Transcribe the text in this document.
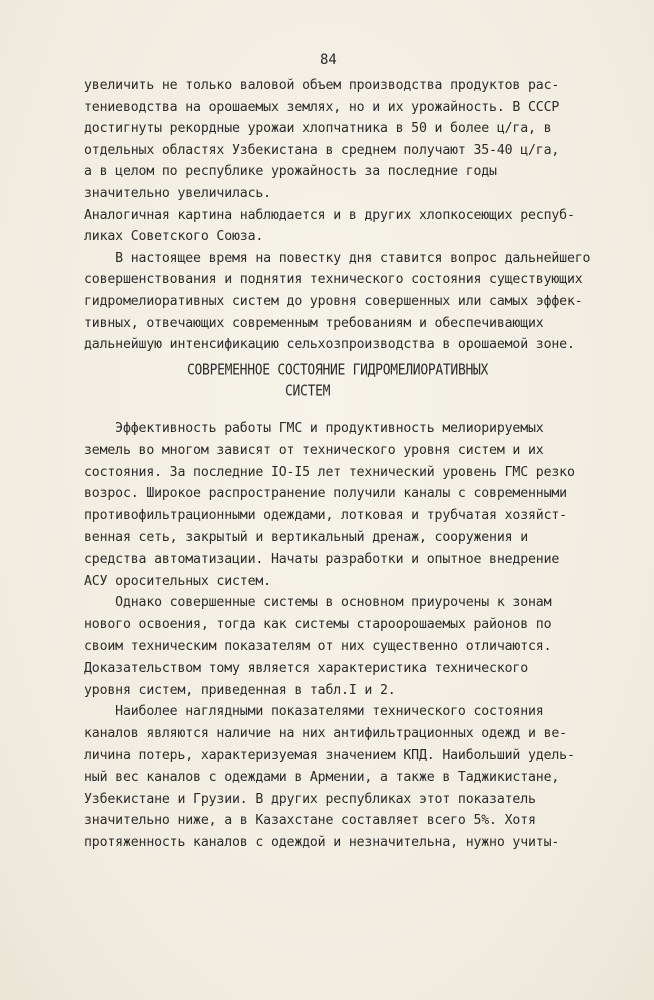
84
увеличить не только валовой объем производства продуктов рас-
тениеводства на орошаемых землях, но и их урожайность. В СССР
достигнуты рекордные урожаи хлопчатника в 50 и более ц/га, в
отдельных областях Узбекистана в среднем получают 35-40 ц/га,
а в целом по республике урожайность за последние годы
значительно увеличилась.
Аналогичная картина наблюдается и в других хлопкосеющих респуб-
ликах Советского Союза.
В настоящее время на повестку дня ставится вопрос дальнейшего
совершенствования и поднятия технического состояния существующих
гидромелиоративных систем до уровня совершенных или самых эффек-
тивных, отвечающих современным требованиям и обеспечивающих
дальнейшую интенсификацию сельхозпроизводства в орошаемой зоне.
СОВРЕМЕННОЕ СОСТОЯНИЕ ГИДРОМЕЛИОРАТИВНЫХ
СИСТЕМ
Эффективность работы ГМС и продуктивность мелиорируемых
земель во многом зависят от технического уровня систем и их
состояния. За последние IO-I5 лет технический уровень ГМС резко
возрос. Широкое распространение получили каналы с современными
противофильтрационными одеждами, лотковая и трубчатая хозяйст-
венная сеть, закрытый и вертикальный дренаж, сооружения и
средства автоматизации. Начаты разработки и опытное внедрение
АСУ оросительных систем.
Однако совершенные системы в основном приурочены к зонам
нового освоения, тогда как системы староорошаемых районов по
своим техническим показателям от них существенно отличаются.
Доказательством тому является характеристика технического
уровня систем, приведенная в табл.I и 2.
Наиболее наглядными показателями технического состояния
каналов являются наличие на них антифильтрационных одежд и ве-
личина потерь, характеризуемая значением КПД. Наибольший удель-
ный вес каналов с одеждами в Армении, а также в Таджикистане,
Узбекистане и Грузии. В других республиках этот показатель
значительно ниже, а в Казахстане составляет всего 5%. Хотя
протяженность каналов с одеждой и незначительна, нужно учиты-
